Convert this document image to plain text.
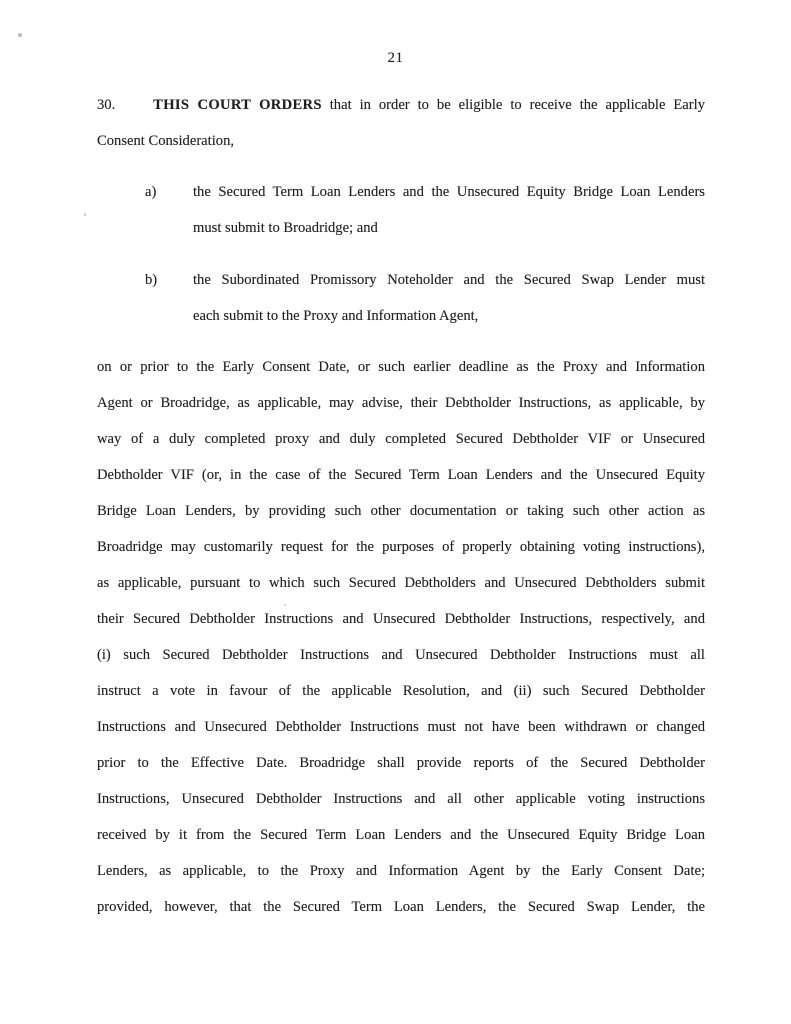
21
30.	THIS COURT ORDERS that in order to be eligible to receive the applicable Early
Consent Consideration,
a)	the Secured Term Loan Lenders and the Unsecured Equity Bridge Loan Lenders
must submit to Broadridge; and
b) the Subordinated Promissory Noteholder and the Secured Swap Lender must
each submit to the Proxy and Information Agent,
on or prior to the Early Consent Date, or such earlier deadline as the Proxy and Information
Agent or Broadridge, as applicable, may advise, their Debtholder Instructions, as applicable, by
way of a duly completed proxy and duly completed Secured Debtholder VIF or Unsecured
Debtholder VIF (or, in the case of the Secured Term Loan Lenders and the Unsecured Equity
Bridge Loan Lenders, by providing such other documentation or taking such other action as
Broadridge may customarily request for the purposes of properly obtaining voting instructions),
as applicable, pursuant to which such Secured Debtholders and Unsecured Debtholders submit
their Secured Debtholder Instructions and Unsecured Debtholder Instructions, respectively, and
(i) such Secured Debtholder Instructions and Unsecured Debtholder Instructions must all
instruct a vote in favour of the applicable Resolution, and (ii) such Secured Debtholder
Instructions and Unsecured Debtholder Instructions must not have been withdrawn or changed
prior to the Effective Date. Broadridge shall provide reports of the Secured Debtholder
Instructions, Unsecured Debtholder Instructions and all other applicable voting instructions
received by it from the Secured Term Loan Lenders and the Unsecured Equity Bridge Loan
Lenders, as applicable, to the Proxy and Information Agent by the Early Consent Date;
provided, however, that the Secured Term Loan Lenders, the Secured Swap Lender, the
